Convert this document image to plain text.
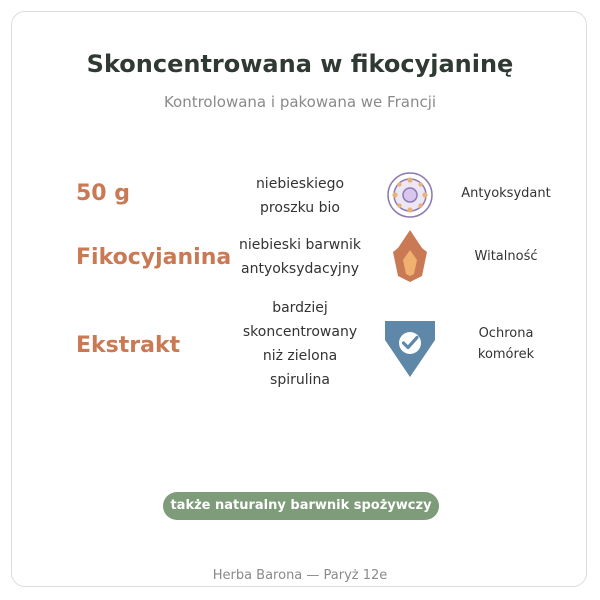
Skoncentrowana w fikocyjaninę
Kontrolowana i pakowana we Francji
50 g	niebieskiego
proszku bio
Antyoksydant
Fikocyjanina niebieski barwnik
antyoksydacyjny
Witalność
Ekstrakt
bardziej
skoncentrowany
niż zielona
spirulina
Ochrona
komórek
także naturalny barwnik spożywczy
Herba Barona — Paryż 12e
